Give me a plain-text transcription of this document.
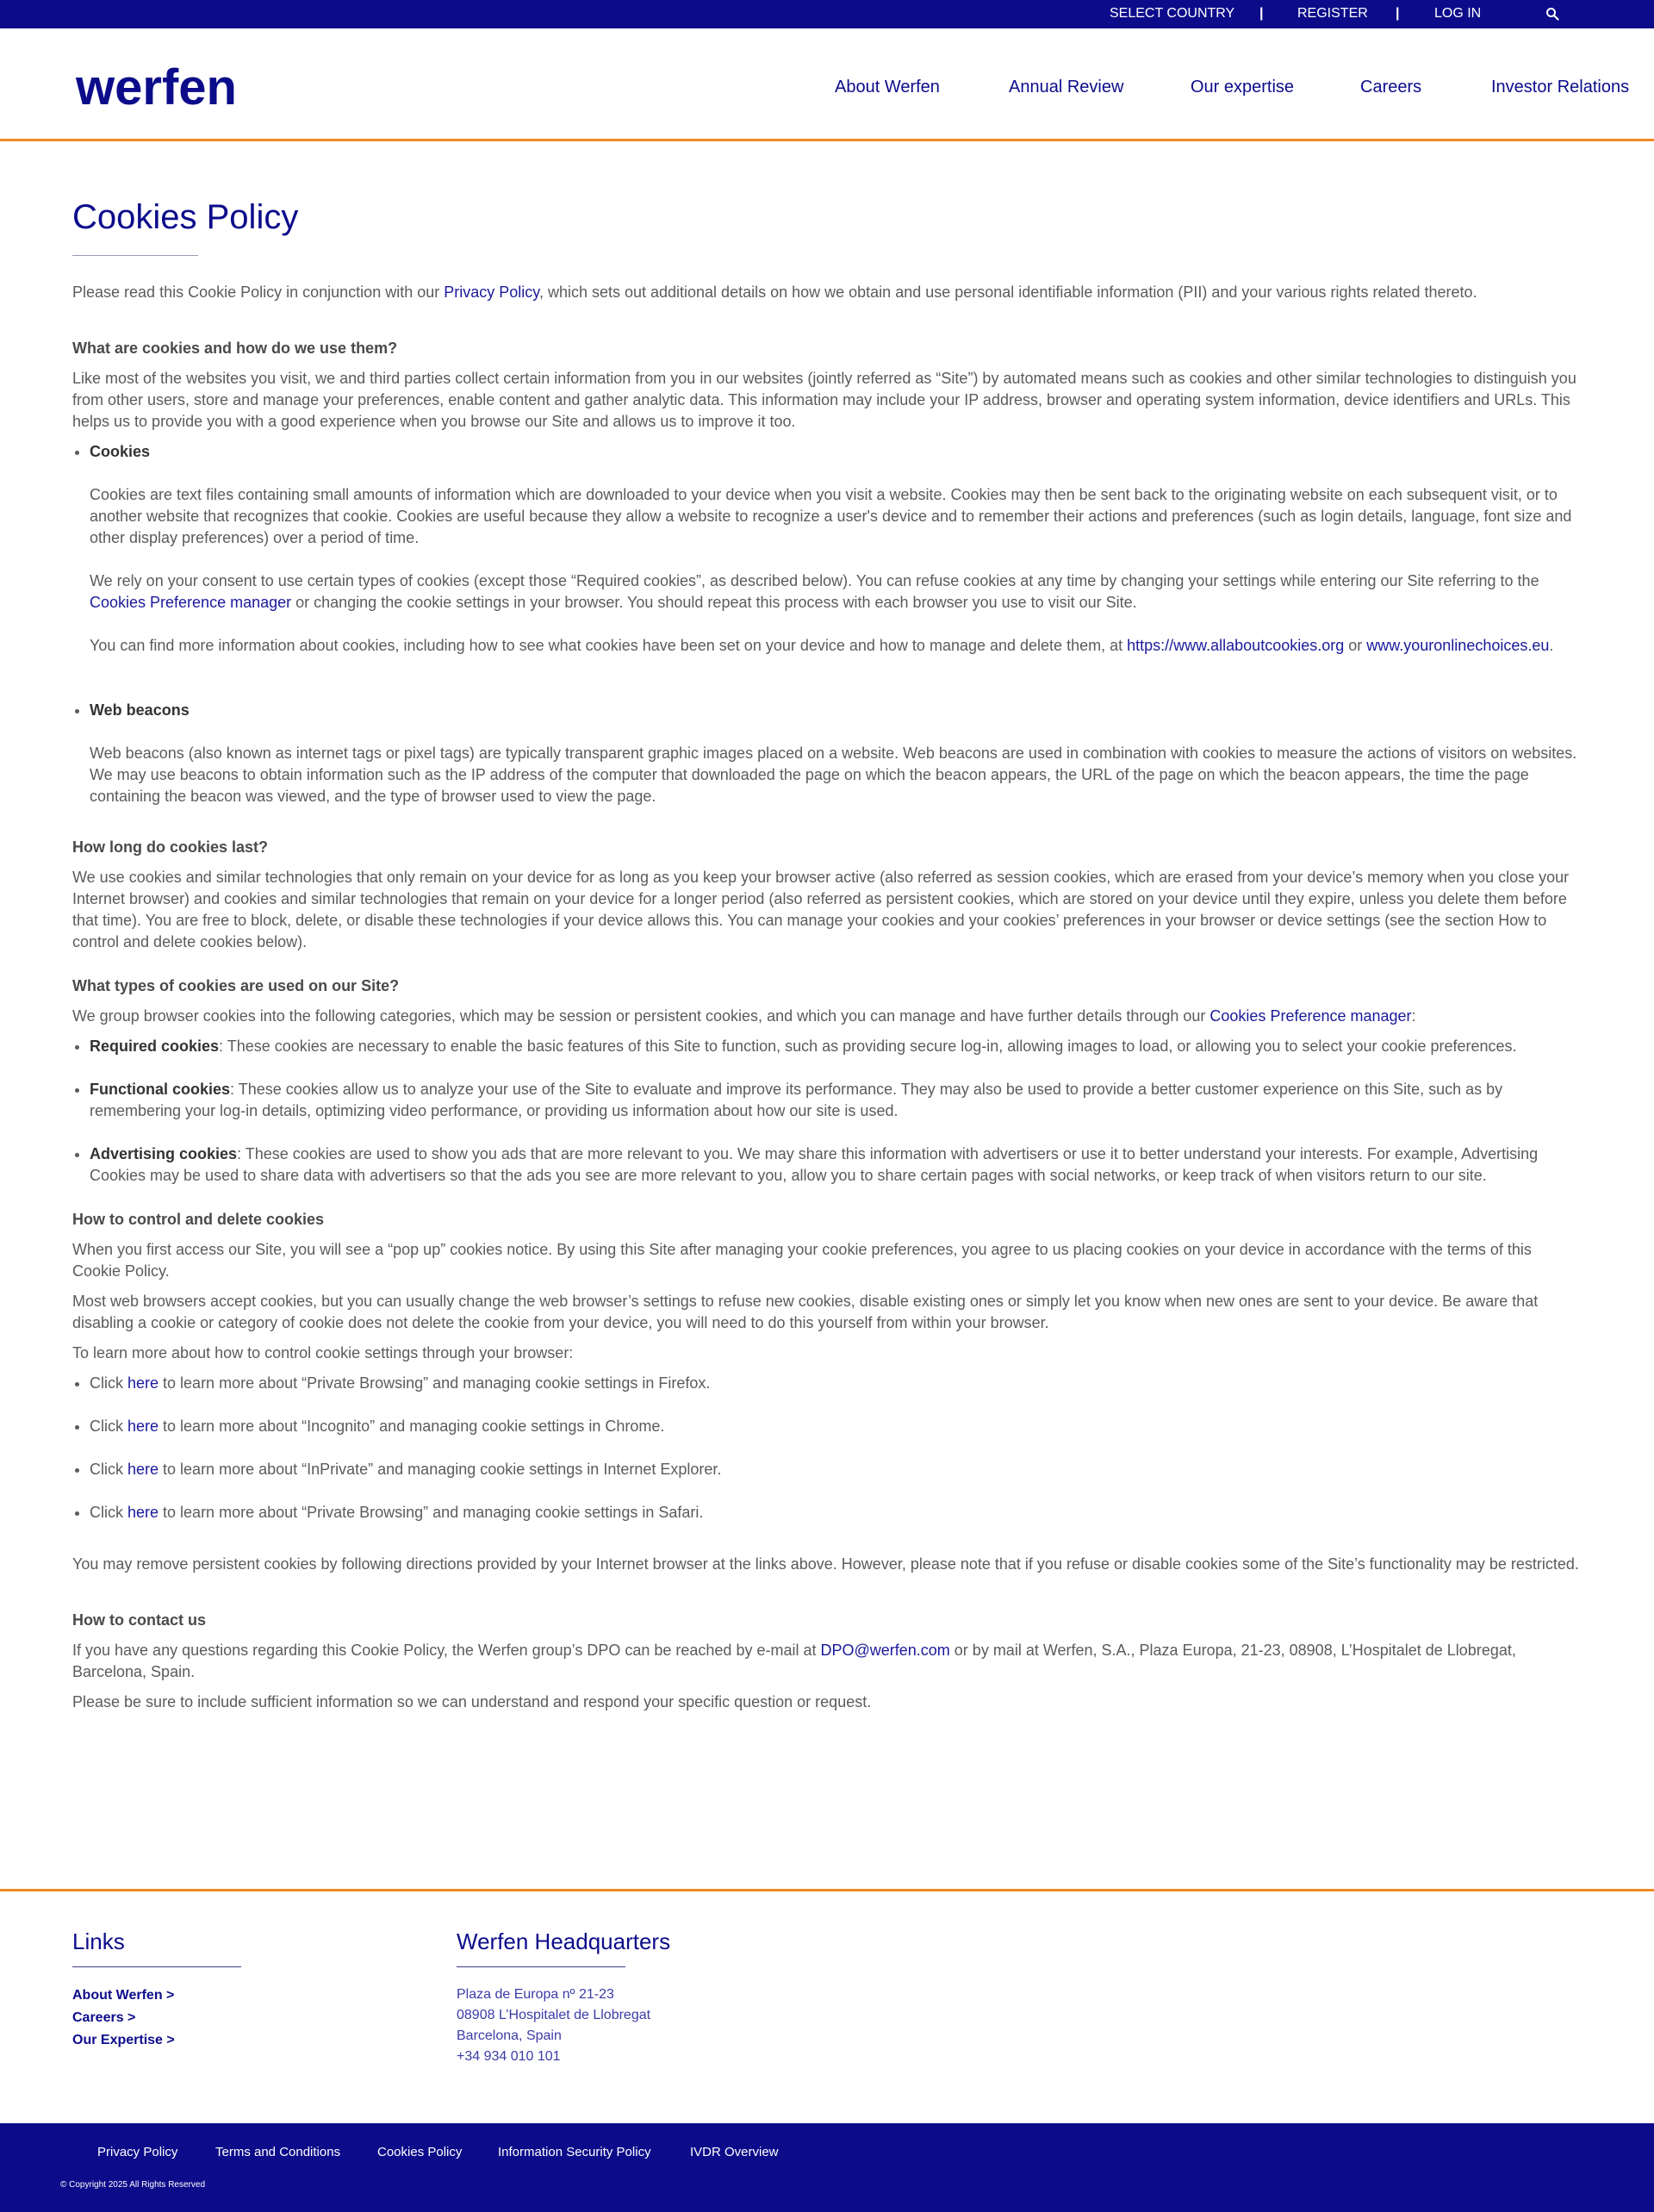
SELECT COUNTRY | REGISTER |	LOG IN
werfen	About Werfen	Annual Review	Our expertise	Careers	Investor Relations
Cookies Policy

Please read this Cookie Policy in conjunction with our Privacy Policy, which sets out additional details on how we obtain and use personal identifiable information (PII) and your various rights related thereto.

What are cookies and how do we use them?

Like most of the websites you visit, we and third parties collect certain information from you in our websites (jointly referred as “Site”) by automated means such as cookies and other similar technologies to distinguish you from other users, store and manage your preferences, enable content and gather analytic data. This information may include your IP address, browser and operating system information, device identifiers and URLs. This helps us to provide you with a good experience when you browse our Site and allows us to improve it too.

• Cookies

Cookies are text files containing small amounts of information which are downloaded to your device when you visit a website. Cookies may then be sent back to the originating website on each subsequent visit, or to another website that recognizes that cookie. Cookies are useful because they allow a website to recognize a user's device and to remember their actions and preferences (such as login details, language, font size and other display preferences) over a period of time.

We rely on your consent to use certain types of cookies (except those “Required cookies”, as described below). You can refuse cookies at any time by changing your settings while entering our Site referring to the Cookies Preference manager or changing the cookie settings in your browser. You should repeat this process with each browser you use to visit our Site.

You can find more information about cookies, including how to see what cookies have been set on your device and how to manage and delete them, at https://www.allaboutcookies.org or www.youronlinechoices.eu.

• Web beacons

Web beacons (also known as internet tags or pixel tags) are typically transparent graphic images placed on a website. Web beacons are used in combination with cookies to measure the actions of visitors on websites. We may use beacons to obtain information such as the IP address of the computer that downloaded the page on which the beacon appears, the URL of the page on which the beacon appears, the time the page containing the beacon was viewed, and the type of browser used to view the page.

How long do cookies last?

We use cookies and similar technologies that only remain on your device for as long as you keep your browser active (also referred as session cookies, which are erased from your device’s memory when you close your Internet browser) and cookies and similar technologies that remain on your device for a longer period (also referred as persistent cookies, which are stored on your device until they expire, unless you delete them before that time). You are free to block, delete, or disable these technologies if your device allows this. You can manage your cookies and your cookies’ preferences in your browser or device settings (see the section How to control and delete cookies below).

What types of cookies are used on our Site?

We group browser cookies into the following categories, which may be session or persistent cookies, and which you can manage and have further details through our Cookies Preference manager:

• Required cookies: These cookies are necessary to enable the basic features of this Site to function, such as providing secure log-in, allowing images to load, or allowing you to select your cookie preferences.
• Functional cookies: These cookies allow us to analyze your use of the Site to evaluate and improve its performance. They may also be used to provide a better customer experience on this Site, such as by remembering your log-in details, optimizing video performance, or providing us information about how our site is used.
• Advertising cookies: These cookies are used to show you ads that are more relevant to you. We may share this information with advertisers or use it to better understand your interests. For example, Advertising Cookies may be used to share data with advertisers so that the ads you see are more relevant to you, allow you to share certain pages with social networks, or keep track of when visitors return to our site.
How to control and delete cookies

When you first access our Site, you will see a “pop up” cookies notice. By using this Site after managing your cookie preferences, you agree to us placing cookies on your device in accordance with the terms of this Cookie Policy.

Most web browsers accept cookies, but you can usually change the web browser’s settings to refuse new cookies, disable existing ones or simply let you know when new ones are sent to your device. Be aware that disabling a cookie or category of cookie does not delete the cookie from your device, you will need to do this yourself from within your browser.

To learn more about how to control cookie settings through your browser:

• Click here to learn more about “Private Browsing” and managing cookie settings in Firefox.
• Click here to learn more about “Incognito” and managing cookie settings in Chrome.
• Click here to learn more about “InPrivate” and managing cookie settings in Internet Explorer.
• Click here to learn more about “Private Browsing” and managing cookie settings in Safari.

You may remove persistent cookies by following directions provided by your Internet browser at the links above. However, please note that if you refuse or disable cookies some of the Site’s functionality may be restricted.

How to contact us

If you have any questions regarding this Cookie Policy, the Werfen group’s DPO can be reached by e-mail at DPO@werfen.com or by mail at Werfen, S.A., Plaza Europa, 21-23, 08908, L’Hospitalet de Llobregat, Barcelona, Spain.

Please be sure to include sufficient information so we can understand and respond your specific question or request.

Links
About Werfen >
Careers >
Our Expertise >
Werfen Headquarters
Plaza de Europa nº 21-23
08908 L’Hospitalet de Llobregat
Barcelona, Spain
+34 934 010 101
Privacy Policy	Terms and Conditions	Cookies Policy	Information Security Policy	IVDR Overview
© Copyright 2025 All Rights Reserved
